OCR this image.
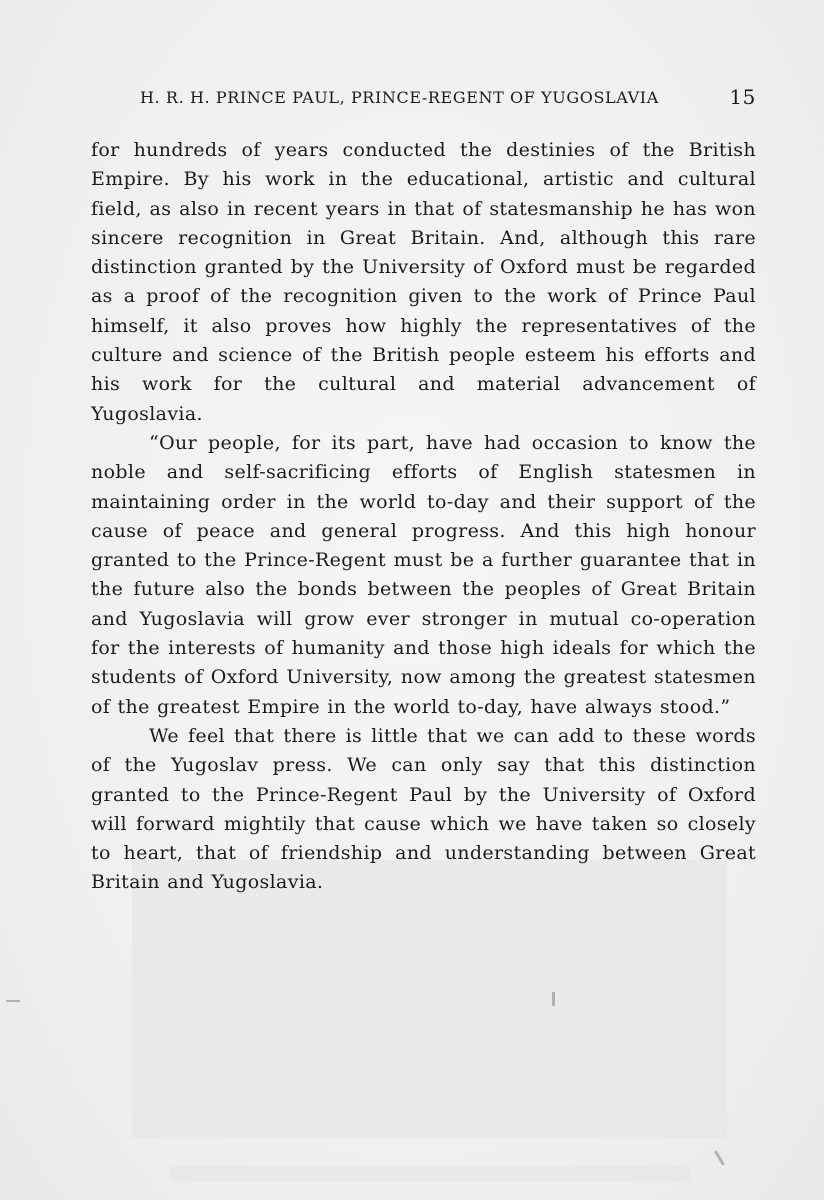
H. R. H. PRINCE PAUL, PRINCE-REGENT OF YUGOSLAVIA	15

for hundreds of years conducted the destinies of the British Empire. By his work in the educational, artistic and cultural field, as also in recent years in that of statesmanship he has won sincere recognition in Great Britain. And, although this rare distinction granted by the University of Oxford must be regarded as a proof of the recognition given to the work of Prince Paul himself, it also proves how highly the representatives of the culture and science of the British people esteem his efforts and his work for the cultural and material advancement of Yugoslavia.

“Our people, for its part, have had occasion to know the noble and self-sacrificing efforts of English statesmen in maintaining order in the world to-day and their support of the cause of peace and general progress. And this high honour granted to the Prince-Regent must be a further guarantee that in the future also the bonds between the peoples of Great Britain and Yugoslavia will grow ever stronger in mutual co-operation for the interests of humanity and those high ideals for which the students of Oxford University, now among the greatest statesmen of the greatest Empire in the world to-day, have always stood.”

We feel that there is little that we can add to these words of the Yugoslav press. We can only say that this distinction granted to the Prince-Regent Paul by the University of Oxford will forward mightily that cause which we have taken so closely to heart, that of friendship and understanding between Great Britain and Yugoslavia.
